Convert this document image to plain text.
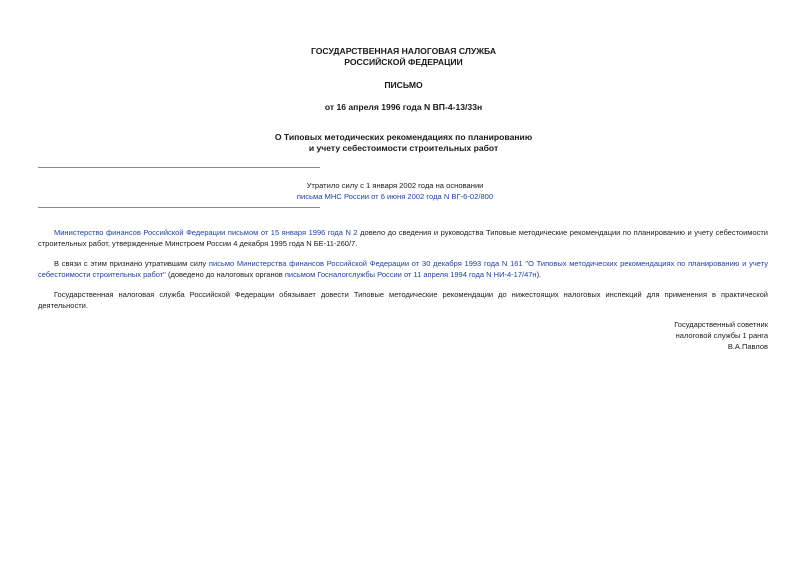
ГОСУДАРСТВЕННАЯ НАЛОГОВАЯ СЛУЖБА
РОССИЙСКОЙ ФЕДЕРАЦИИ
ПИСЬМО
от 16 апреля 1996 года N ВП-4-13/33н
О Типовых методических рекомендациях по планированию
и учету себестоимости строительных работ
Утратило силу с 1 января 2002 года на основании
письма МНС России от 6 июня 2002 года N ВГ-6-02/800
Министерство финансов Российской Федерации письмом от 15 января 1996 года N 2 довело до сведения и руководства Типовые методические рекомендации по планированию и учету себестоимости строительных работ, утвержденные Минстроем России 4 декабря 1995 года N БЕ-11-260/7.
В связи с этим признано утратившим силу письмо Министерства финансов Российской Федерации от 30 декабря 1993 года N 161 "О Типовых методических рекомендациях по планированию и учету себестоимости строительных работ" (доведено до налоговых органов письмом Госналогслужбы России от 11 апреля 1994 года N НИ-4-17/47н).
Государственная налоговая служба Российской Федерации обязывает довести Типовые методические рекомендации до нижестоящих налоговых инспекций для применения в практической деятельности.
Государственный советник
налоговой службы 1 ранга
В.А.Павлов
